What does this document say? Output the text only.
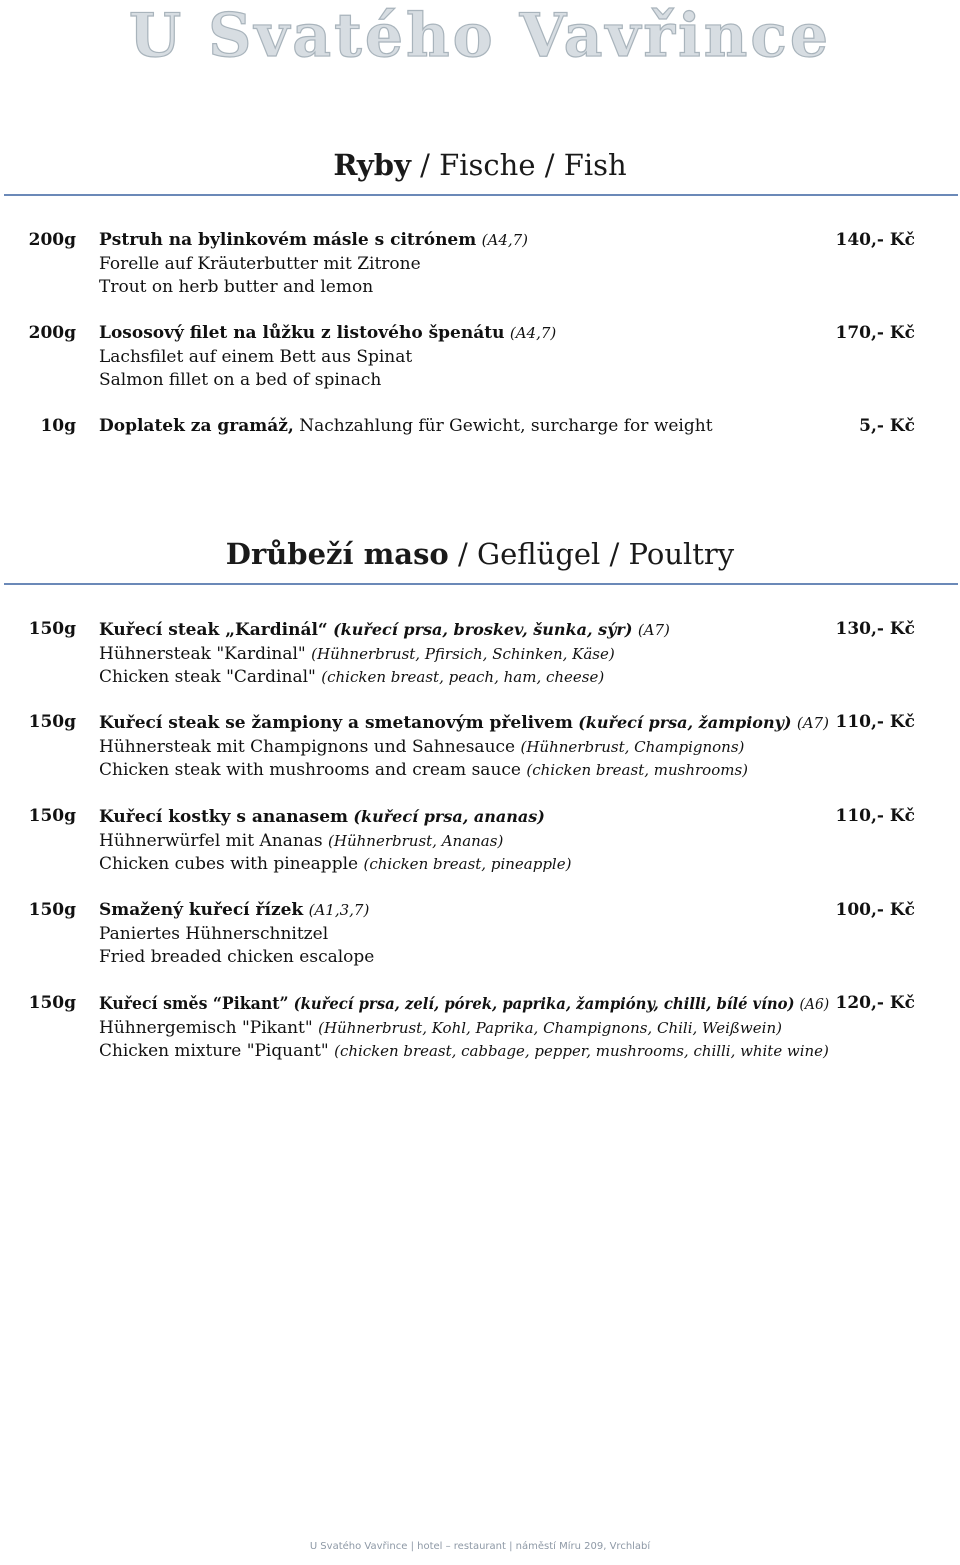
U Svatého Vavřince
Ryby / Fische / Fish
200g Pstruh na bylinkovém másle s citrónem (A4,7)
Forelle auf Kräuterbutter mit Zitrone
Trout on herb butter and lemon
140,- Kč
200g Lososový filet na lůžku z listového špenátu (A4,7)
Lachsfilet auf einem Bett aus Spinat
Salmon fillet on a bed of spinach
170,- Kč
10g Doplatek za gramáž, Nachzahlung für Gewicht, surcharge for weight	5,- Kč
Drůbeží maso / Geflügel / Poultry
150g Kuřecí steak „Kardinál“ (kuřecí prsa, broskev, šunka, sýr) (A7)
Hühnersteak "Kardinal" (Hühnerbrust, Pfirsich, Schinken, Käse)
Chicken steak "Cardinal" (chicken breast, peach, ham, cheese)
130,- Kč
150g Kuřecí steak se žampiony a smetanovým přelivem (kuřecí prsa, žampiony) (A7)
Hühnersteak mit Champignons und Sahnesauce (Hühnerbrust, Champignons)
Chicken steak with mushrooms and cream sauce (chicken breast, mushrooms)
110,- Kč
150g Kuřecí kostky s ananasem (kuřecí prsa, ananas)
Hühnerwürfel mit Ananas (Hühnerbrust, Ananas)
Chicken cubes with pineapple (chicken breast, pineapple)
110,- Kč
150g Smažený kuřecí řízek (A1,3,7)
Paniertes Hühnerschnitzel
Fried breaded chicken escalope
100,- Kč
150g Kuřecí směs “Pikant” (kuřecí prsa, zelí, pórek, paprika, žampióny, chilli, bílé víno) (A6)
Hühnergemisch "Pikant" (Hühnerbrust, Kohl, Paprika, Champignons, Chili, Weißwein)
Chicken mixture "Piquant" (chicken breast, cabbage, pepper, mushrooms, chilli, white wine)
120,- Kč
U Svatého Vavřince | hotel – restaurant | náměstí Míru 209, Vrchlabí
